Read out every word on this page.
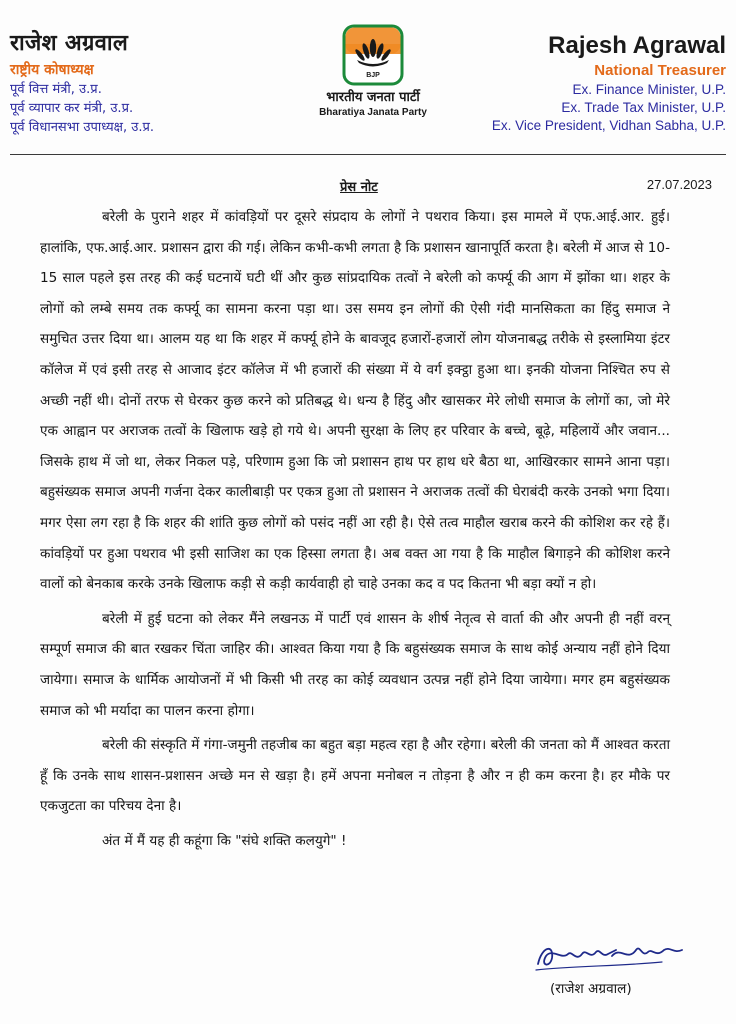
राजेश अग्रवाल
राष्ट्रीय कोषाध्यक्ष
पूर्व वित्त मंत्री, उ.प्र.
पूर्व व्यापार कर मंत्री, उ.प्र.
पूर्व विधानसभा उपाध्यक्ष, उ.प्र.
BJP
भारतीय जनता पार्टी
Bharatiya Janata Party
Rajesh Agrawal
National Treasurer
Ex. Finance Minister, U.P.
Ex. Trade Tax Minister, U.P.
Ex. Vice President, Vidhan Sabha, U.P.
प्रेस नोट	27.07.2023

बरेली के पुराने शहर में कांवड़ियों पर दूसरे संप्रदाय के लोगों ने पथराव किया। इस मामले में एफ.आई.आर. हुई। हालांकि, एफ.आई.आर. प्रशासन द्वारा की गई। लेकिन कभी-कभी लगता है कि प्रशासन खानापूर्ति करता है। बरेली में आज से 10-15 साल पहले इस तरह की कई घटनायें घटी थीं और कुछ सांप्रदायिक तत्वों ने बरेली को कर्फ्यू की आग में झोंका था। शहर के लोगों को लम्बे समय तक कर्फ्यू का सामना करना पड़ा था। उस समय इन लोगों की ऐसी गंदी मानसिकता का हिंदु समाज ने समुचित उत्तर दिया था। आलम यह था कि शहर में कर्फ्यू होने के बावजूद हजारों-हजारों लोग योजनाबद्ध तरीके से इस्लामिया इंटर कॉलेज में एवं इसी तरह से आजाद इंटर कॉलेज में भी हजारों की संख्या में ये वर्ग इक्ट्ठा हुआ था। इनकी योजना निश्चित रुप से अच्छी नहीं थी। दोनों तरफ से घेरकर कुछ करने को प्रतिबद्ध थे। धन्य है हिंदु और खासकर मेरे लोधी समाज के लोगों का, जो मेरे एक आह्वान पर अराजक तत्वों के खिलाफ खड़े हो गये थे। अपनी सुरक्षा के लिए हर परिवार के बच्चे, बूढ़े, महिलायें और जवान... जिसके हाथ में जो था, लेकर निकल पड़े, परिणाम हुआ कि जो प्रशासन हाथ पर हाथ धरे बैठा था, आखिरकार सामने आना पड़ा। बहुसंख्यक समाज अपनी गर्जना देकर कालीबाड़ी पर एकत्र हुआ तो प्रशासन ने अराजक तत्वों की घेराबंदी करके उनको भगा दिया। मगर ऐसा लग रहा है कि शहर की शांति कुछ लोगों को पसंद नहीं आ रही है। ऐसे तत्व माहौल खराब करने की कोशिश कर रहे हैं। कांवड़ियों पर हुआ पथराव भी इसी साजिश का एक हिस्सा लगता है। अब वक्त आ गया है कि माहौल बिगाड़ने की कोशिश करने वालों को बेनकाब करके उनके खिलाफ कड़ी से कड़ी कार्यवाही हो चाहे उनका कद व पद कितना भी बड़ा क्यों न हो।

बरेली में हुई घटना को लेकर मैंने लखनऊ में पार्टी एवं शासन के शीर्ष नेतृत्व से वार्ता की और अपनी ही नहीं वरन् सम्पूर्ण समाज की बात रखकर चिंता जाहिर की। आश्वत किया गया है कि बहुसंख्यक समाज के साथ कोई अन्याय नहीं होने दिया जायेगा। समाज के धार्मिक आयोजनों में भी किसी भी तरह का कोई व्यवधान उत्पन्न नहीं होने दिया जायेगा। मगर हम बहुसंख्यक समाज को भी मर्यादा का पालन करना होगा।

बरेली की संस्कृति में गंगा-जमुनी तहजीब का बहुत बड़ा महत्व रहा है और रहेगा। बरेली की जनता को मैं आश्वत करता हूँ कि उनके साथ शासन-प्रशासन अच्छे मन से खड़ा है। हमें अपना मनोबल न तोड़ना है और न ही कम करना है। हर मौके पर एकजुटता का परिचय देना है।

अंत में मैं यह ही कहूंगा कि "संघे शक्ति कलयुगे" !

(राजेश अग्रवाल)
